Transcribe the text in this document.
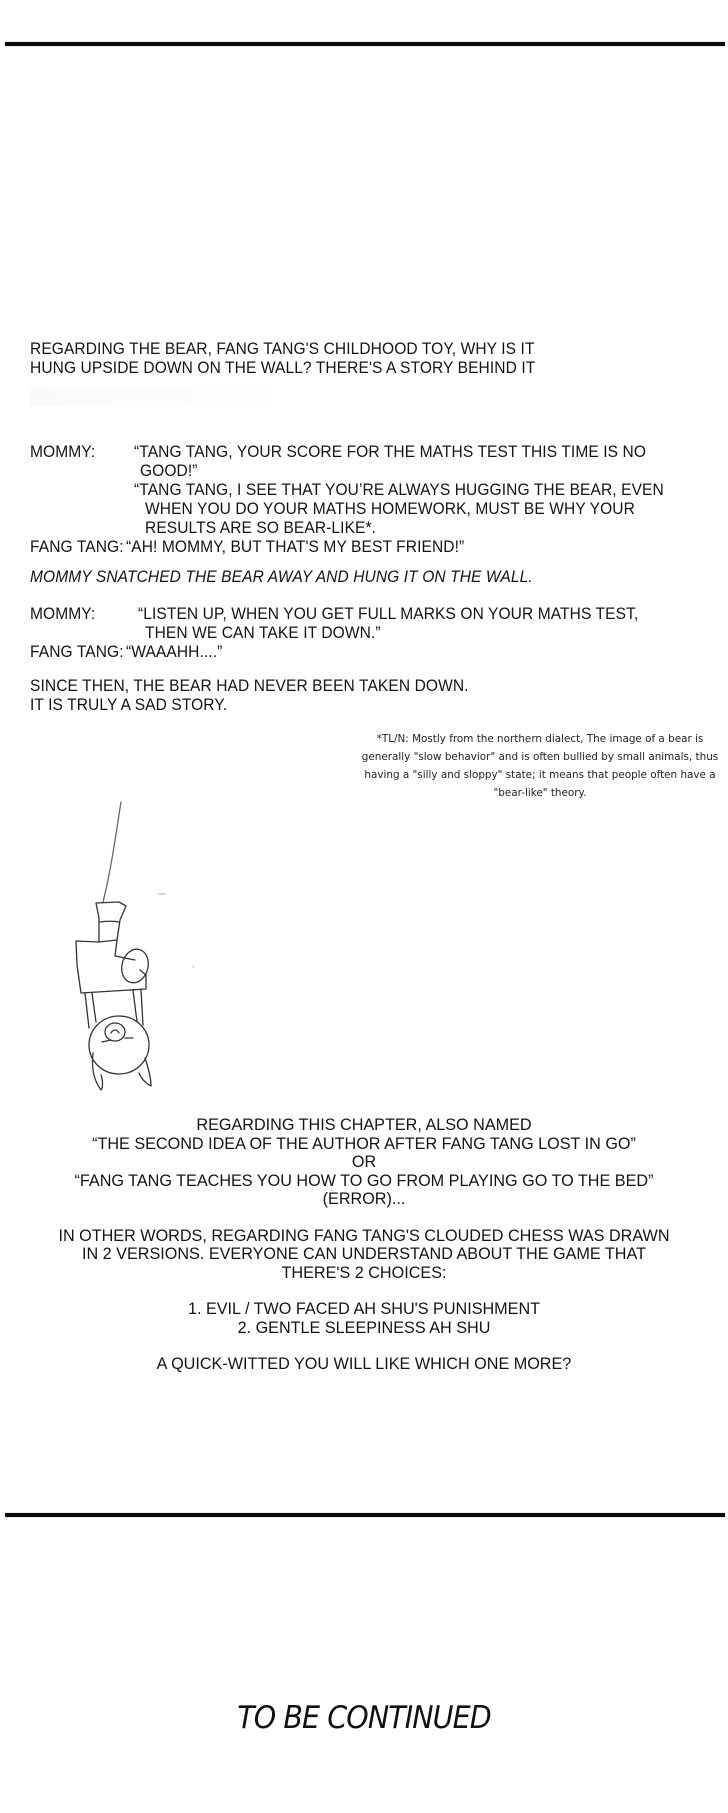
REGARDING THE BEAR, FANG TANG'S CHILDHOOD TOY, WHY IS IT
HUNG UPSIDE DOWN ON THE WALL? THERE'S A STORY BEHIND IT
MOMMY: “TANG TANG, YOUR SCORE FOR THE MATHS TEST THIS TIME IS NO
GOOD!”
“TANG TANG, I SEE THAT YOU’RE ALWAYS HUGGING THE BEAR, EVEN
WHEN YOU DO YOUR MATHS HOMEWORK, MUST BE WHY YOUR
RESULTS ARE SO BEAR-LIKE*.
FANG TANG: “AH! MOMMY, BUT THAT'S MY BEST FRIEND!”
MOMMY SNATCHED THE BEAR AWAY AND HUNG IT ON THE WALL.
MOMMY:	“LISTEN UP, WHEN YOU GET FULL MARKS ON YOUR MATHS TEST,
THEN WE CAN TAKE IT DOWN.”
FANG TANG: “WAAAHH....”
SINCE THEN, THE BEAR HAD NEVER BEEN TAKEN DOWN.
IT IS TRULY A SAD STORY.
*TL/N: Mostly from the northern dialect, The image of a bear is
generally "slow behavior" and is often bullied by small animals, thus
having a "silly and sloppy" state; it means that people often have a
"bear-like" theory.
REGARDING THIS CHAPTER, ALSO NAMED
“THE SECOND IDEA OF THE AUTHOR AFTER FANG TANG LOST IN GO”
OR
“FANG TANG TEACHES YOU HOW TO GO FROM PLAYING GO TO THE BED”
(ERROR)...
IN OTHER WORDS, REGARDING FANG TANG'S CLOUDED CHESS WAS DRAWN
IN 2 VERSIONS. EVERYONE CAN UNDERSTAND ABOUT THE GAME THAT
THERE'S 2 CHOICES:
1. EVIL / TWO FACED AH SHU'S PUNISHMENT
2. GENTLE SLEEPINESS AH SHU
A QUICK-WITTED YOU WILL LIKE WHICH ONE MORE?
TO BE CONTINUED
